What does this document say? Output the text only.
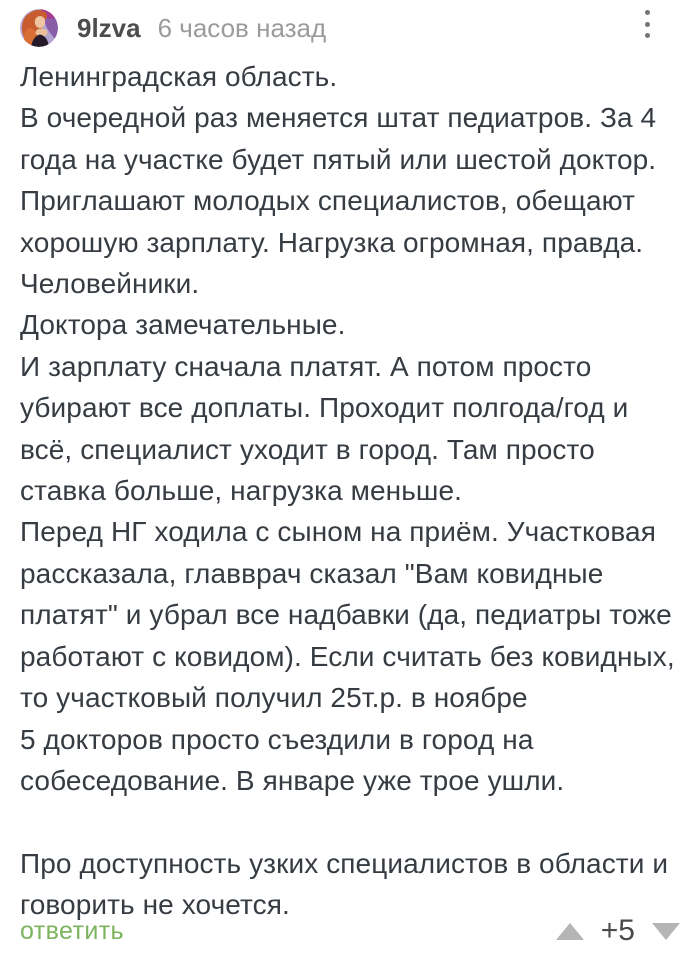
9lzva 6 часов назад
Ленинградская область.
В очередной раз меняется штат педиатров. За 4
года на участке будет пятый или шестой доктор.
Приглашают молодых специалистов, обещают
хорошую зарплату. Нагрузка огромная, правда.
Человейники.
Доктора замечательные.
И зарплату сначала платят. А потом просто
убирают все доплаты. Проходит полгода/год и
всё, специалист уходит в город. Там просто
ставка больше, нагрузка меньше.
Перед НГ ходила с сыном на приём. Участковая
рассказала, главврач сказал "Вам ковидные
платят" и убрал все надбавки (да, педиатры тоже
работают с ковидом). Если считать без ковидных,
то участковый получил 25т.р. в ноябре
5 докторов просто съездили в город на
собеседование. В январе уже трое ушли.

Про доступность узких специалистов в области и
говорить не хочется.
ответить	+5
